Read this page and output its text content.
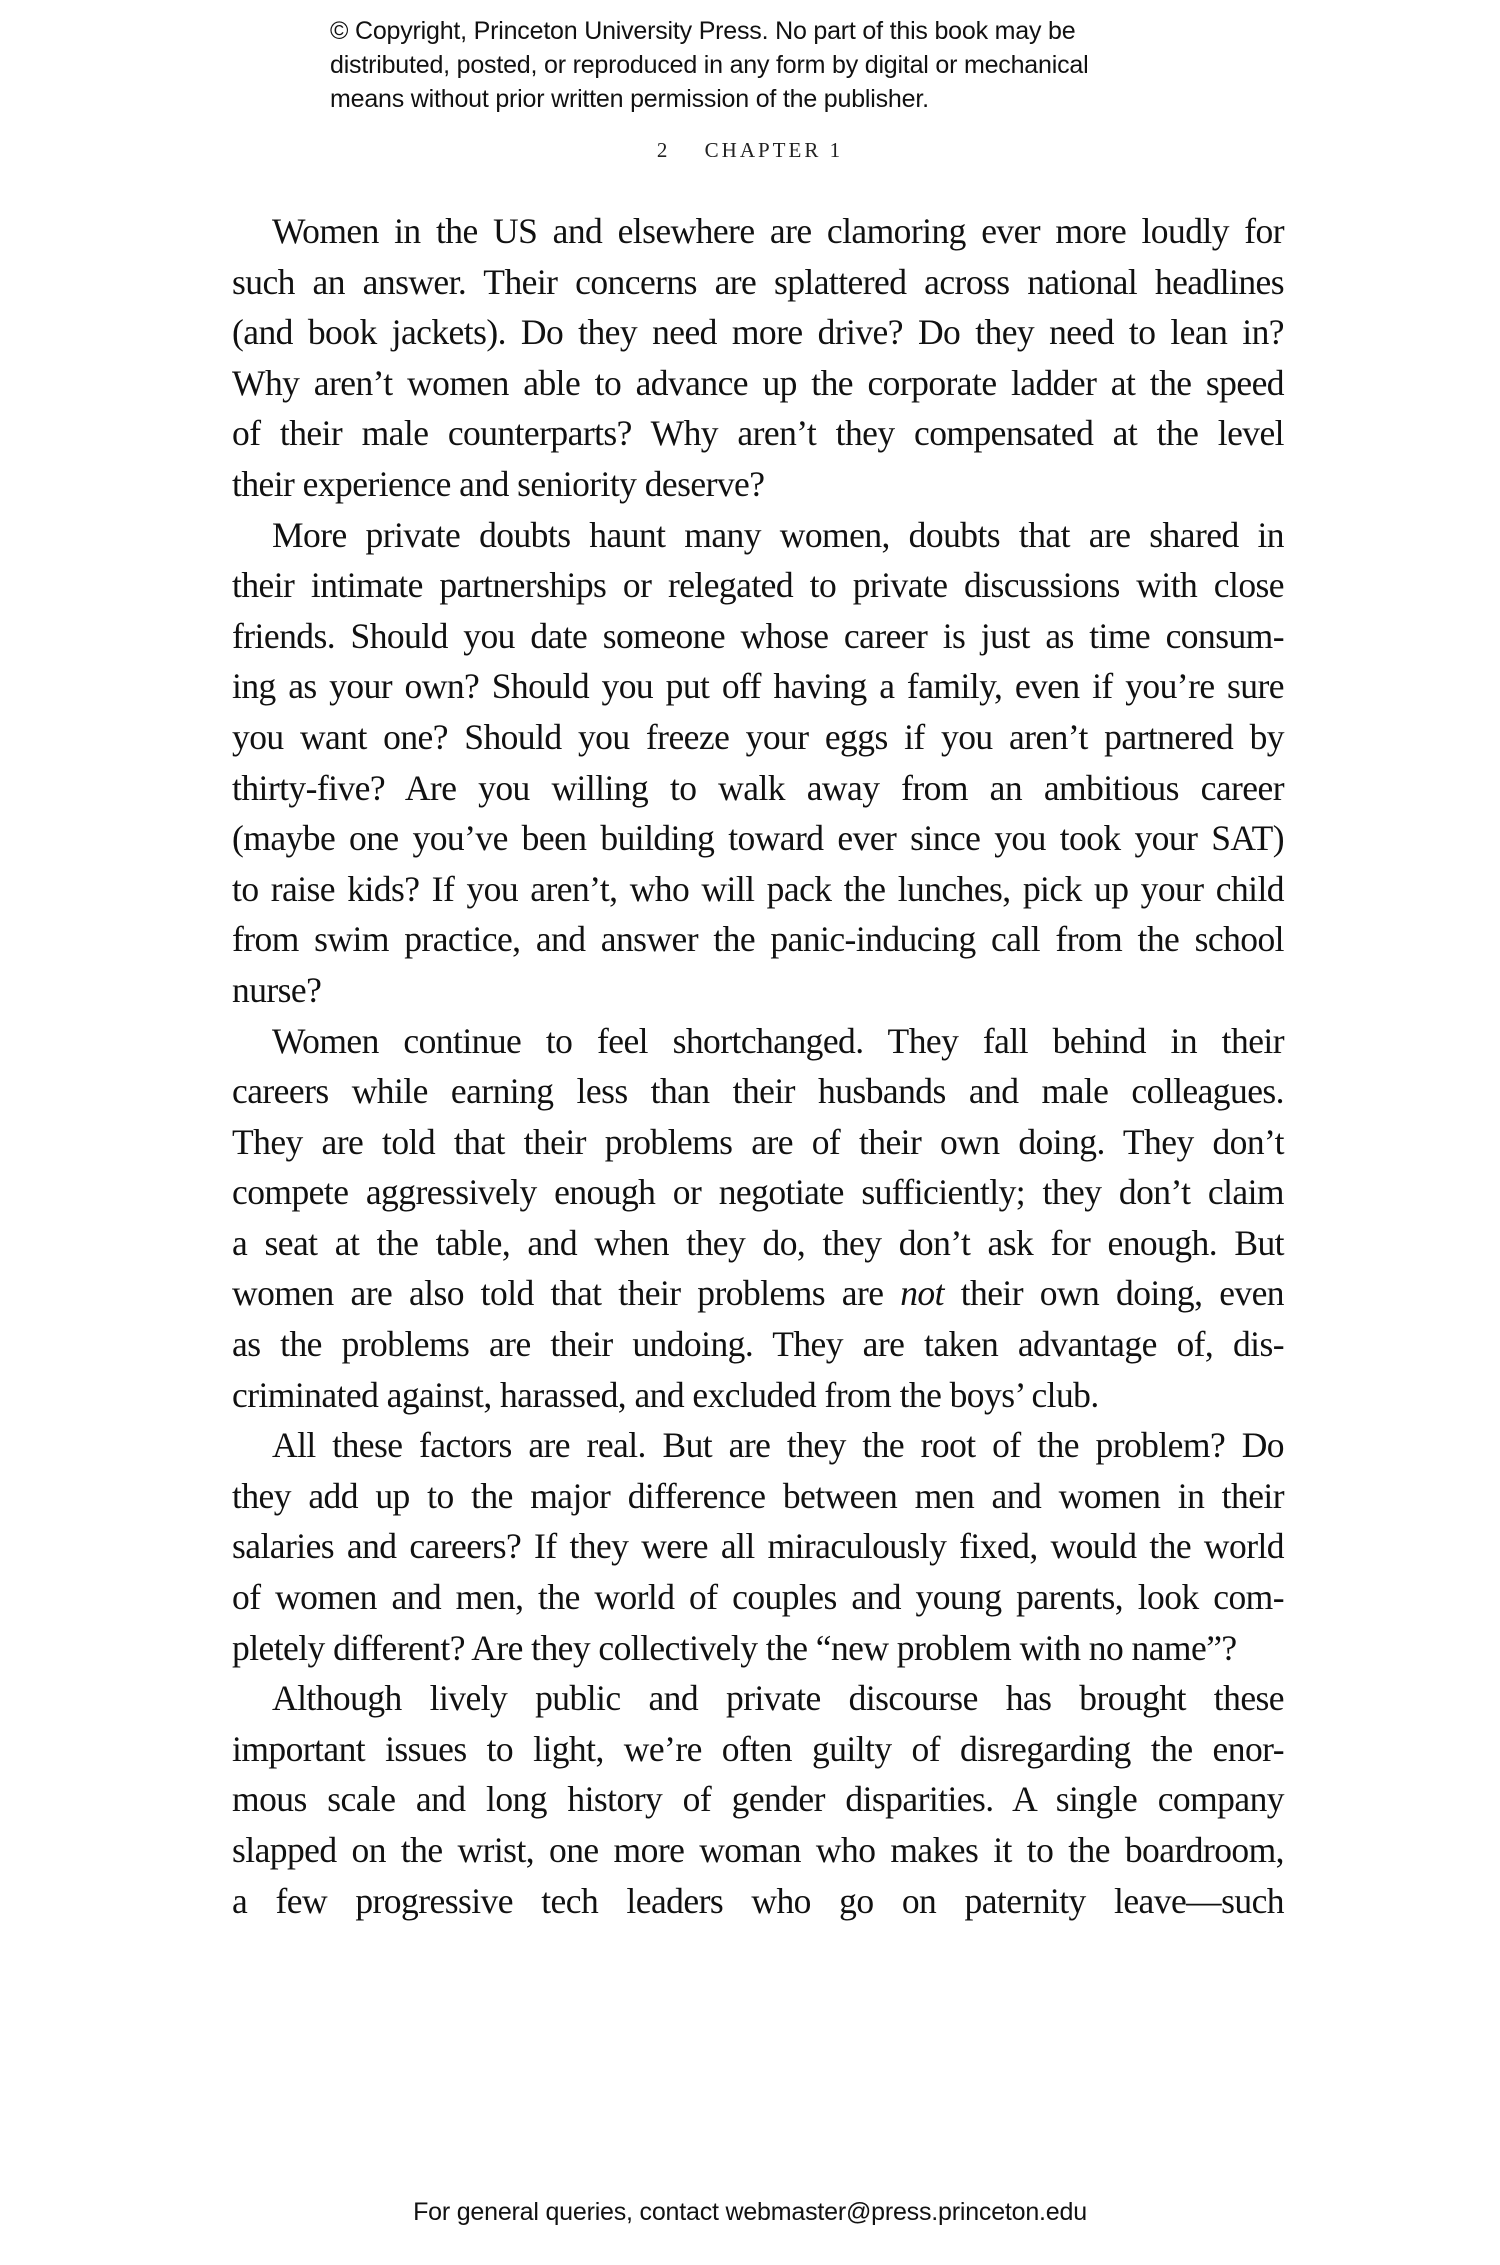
© Copyright, Princeton University Press. No part of this book may be
distributed, posted, or reproduced in any form by digital or mechanical
means without prior written permission of the publisher.
2 CHAPTER 1
Women in the US and elsewhere are clamoring ever more loudly for
such an answer. Their concerns are splattered across national headlines
(and book jackets). Do they need more drive? Do they need to lean in?
Why aren’t women able to advance up the corporate ladder at the speed
of their male counterparts? Why aren’t they compensated at the level
their experience and seniority deserve?
More private doubts haunt many women, doubts that are shared in
their intimate partnerships or relegated to private discussions with close
friends. Should you date someone whose career is just as time consum-
ing as your own? Should you put off having a family, even if you’re sure
you want one? Should you freeze your eggs if you aren’t partnered by
thirty-five? Are you willing to walk away from an ambitious career
(maybe one you’ve been building toward ever since you took your SAT)
to raise kids? If you aren’t, who will pack the lunches, pick up your child
from swim practice, and answer the panic-inducing call from the school
nurse?
Women continue to feel shortchanged. They fall behind in their
careers while earning less than their husbands and male colleagues.
They are told that their problems are of their own doing. They don’t
compete aggressively enough or negotiate sufficiently; they don’t claim
a seat at the table, and when they do, they don’t ask for enough. But
women are also told that their problems are not their own doing, even
as the problems are their undoing. They are taken advantage of, dis-
criminated against, harassed, and excluded from the boys’ club.
All these factors are real. But are they the root of the problem? Do
they add up to the major difference between men and women in their
salaries and careers? If they were all miraculously fixed, would the world
of women and men, the world of couples and young parents, look com-
pletely different? Are they collectively the “new problem with no name”?
Although lively public and private discourse has brought these
important issues to light, we’re often guilty of disregarding the enor-
mous scale and long history of gender disparities. A single company
slapped on the wrist, one more woman who makes it to the boardroom,
a few progressive tech leaders who go on paternity leave—such
For general queries, contact webmaster@press.princeton.edu
